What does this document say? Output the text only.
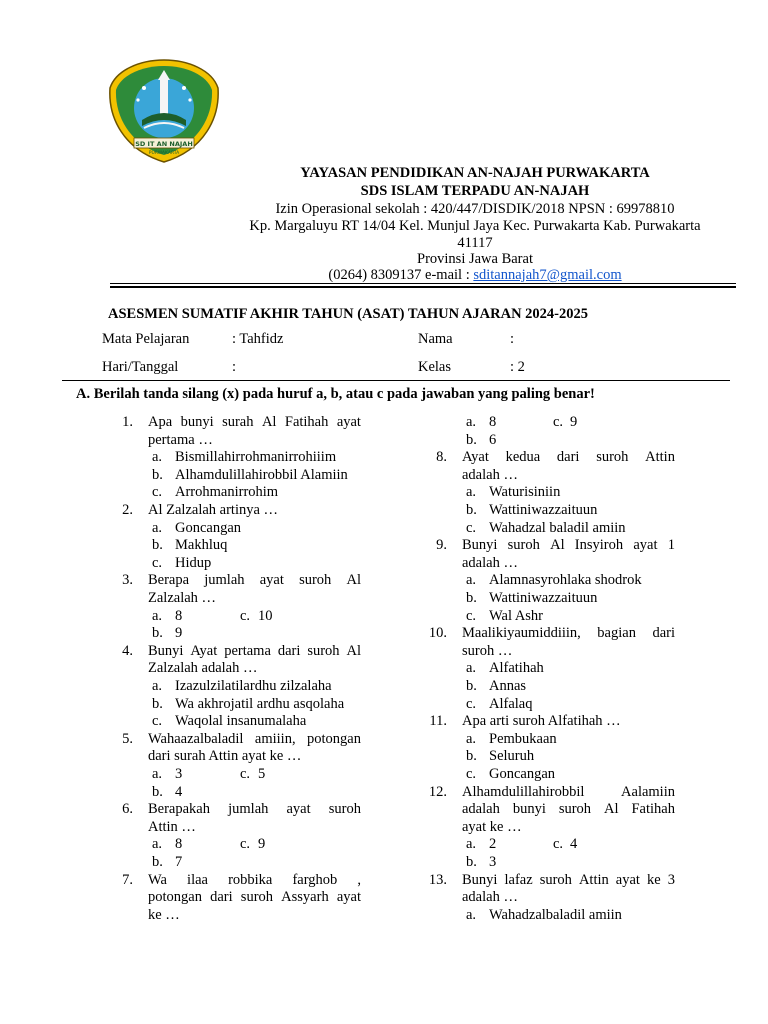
SD IT AN NAJAH
PURWAKARTA
YAYASAN PENDIDIKAN AN-NAJAH PURWAKARTA
SDS ISLAM TERPADU AN-NAJAH
Izin Operasional sekolah : 420/447/DISDIK/2018 NPSN : 69978810
Kp. Margaluyu RT 14/04 Kel. Munjul Jaya Kec. Purwakarta Kab. Purwakarta
41117
Provinsi Jawa Barat
(0264) 8309137 e-mail : sditannajah7@gmail.com
ASESMEN SUMATIF AKHIR TAHUN (ASAT) TAHUN AJARAN 2024-2025
Mata Pelajaran	: Tahfidz	Nama	:
Hari/Tanggal	:	Kelas	: 2
A. Berilah tanda silang (x) pada huruf a, b, atau c pada jawaban yang paling benar!
1. Apa bunyi surah Al Fatihah ayat
pertama …
a. Bismillahirrohmanirrohiiim
b. Alhamdulillahirobbil Alamiin
c. Arrohmanirrohim
2. Al Zalzalah artinya …
a. Goncangan
b. Makhluq
c. Hidup
3. Berapa jumlah ayat suroh Al
Zalzalah …
a. 8	c. 10
b. 9
4. Bunyi Ayat pertama dari suroh Al
Zalzalah adalah …
a. Izazulzilatilardhu zilzalaha
b. Wa akhrojatil ardhu asqolaha
c. Waqolal insanumalaha
5. Wahaazalbaladil amiiin, potongan
dari surah Attin ayat ke …
a. 3	c. 5
b. 4
6. Berapakah jumlah ayat suroh
Attin …
a. 8	c. 9
b. 7
7. Wa ilaa robbika farghob ,
potongan dari suroh Assyarh ayat
ke …
a. 8	c. 9
b. 6
8. Ayat kedua dari suroh Attin
adalah …
a. Waturisiniin
b. Wattiniwazzaituun
c. Wahadzal baladil amiin
9. Bunyi suroh Al Insyiroh ayat 1
adalah …
a. Alamnasyrohlaka shodrok
b. Wattiniwazzaituun
c. Wal Ashr
10. Maalikiyaumiddiiin, bagian dari
suroh …
a. Alfatihah
b. Annas
c. Alfalaq
11. Apa arti suroh Alfatihah …
a. Pembukaan
b. Seluruh
c. Goncangan
12. Alhamdulillahirobbil	Aalamiin
adalah bunyi suroh Al Fatihah
ayat ke …
a. 2	c. 4
b. 3
13. Bunyi lafaz suroh Attin ayat ke 3
adalah …
a. Wahadzalbaladil amiin
